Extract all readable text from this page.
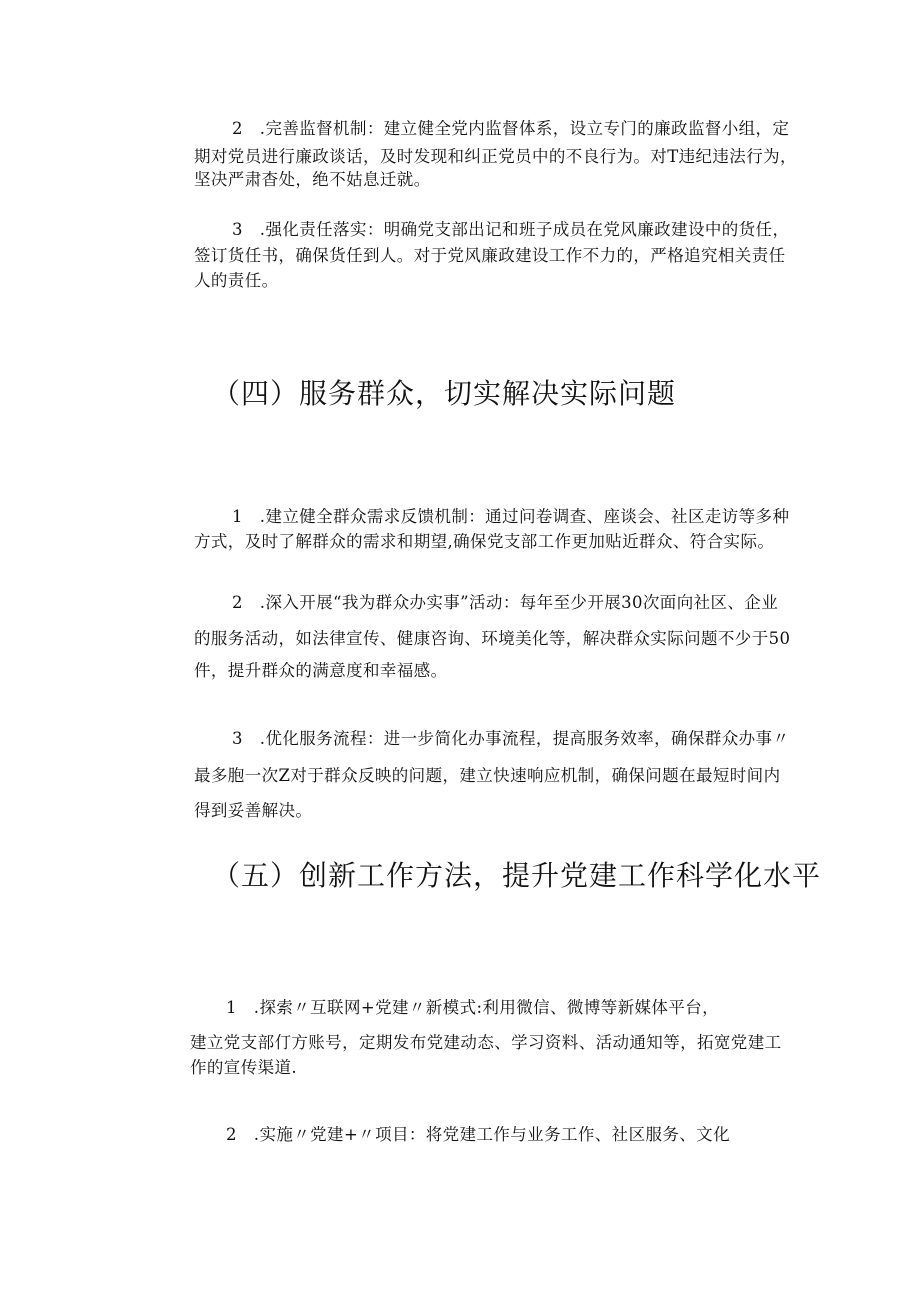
2　.完善监督机制：建立健全党内监督体系，设立专门的廉政监督小组，定
期对党员进行廉政谈话，及时发现和纠正党员中的不良行为。对T违纪违法行为，
坚决严肃杳处，绝不姑息迁就。
3　.强化责任落实：明确党支部出记和班子成员在党风廉政建设中的货任，
签订货任书，确保货任到人。对于党风廉政建设工作不力的，严格追究相关责任
人的责任。
（四）服务群众，切实解决实际问题
1　.建立健全群众需求反馈机制：通过问卷调查、座谈会、社区走访等多种
方式，及时了解群众的需求和期望,确保党支部工作更加贴近群众、符合实际。
2　.深入开展“我为群众办实事”活动：每年至少开展30次面向社区、企业
的服务活动，如法律宣传、健康咨询、环境美化等，解决群众实际问题不少于50
件，提升群众的满意度和幸福感。
3　.优化服务流程：进一步简化办事流程，提高服务效率，确保群众办事〃
最多胞一次Z对于群众反映的问题，建立快速响应机制，确保问题在最短时间内
得到妥善解决。
（五）创新工作方法，提升党建工作科学化水平
1　.探索〃互联网+党建〃新模式:利用微信、微博等新媒体平台，
建立党支部仃方账号，定期发布党建动态、学习资料、活动通知等，拓宽党建工
作的宣传渠道.
2　.实施〃党建+〃项目：将党建工作与业务工作、社区服务、文化
